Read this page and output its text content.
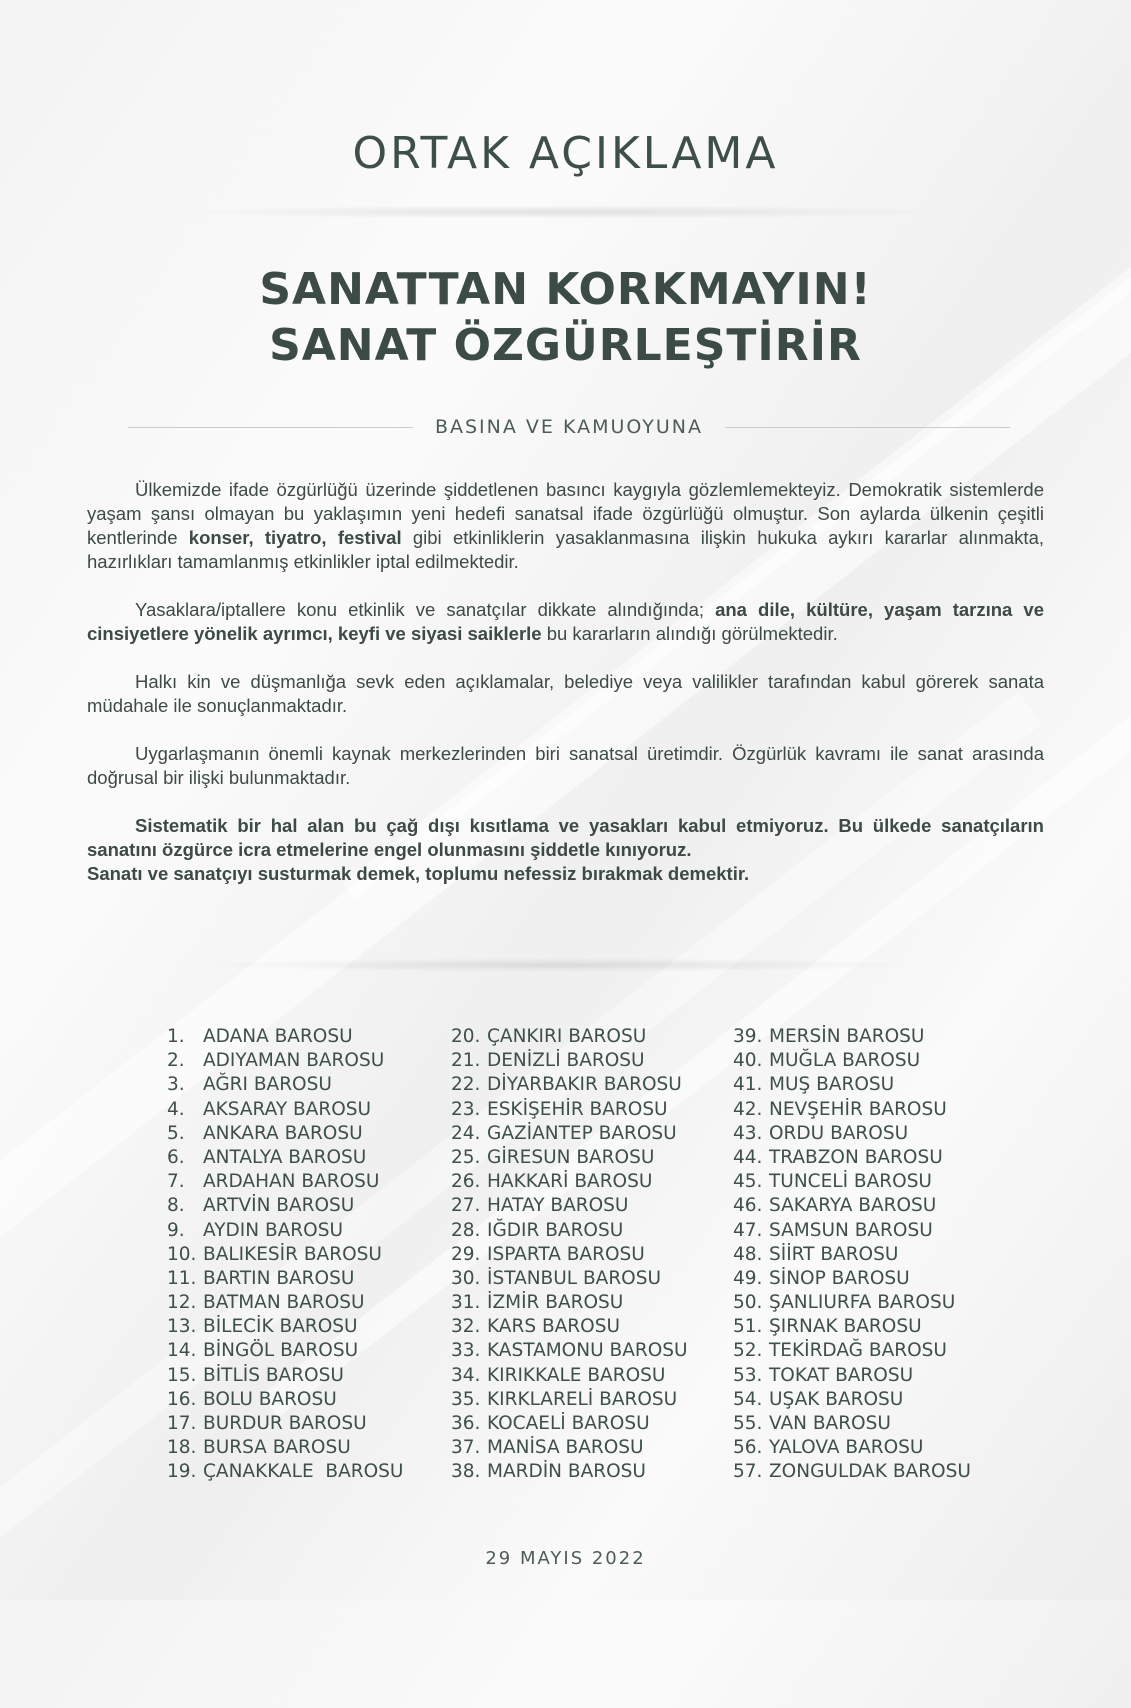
ORTAK AÇIKLAMA
SANATTAN KORKMAYIN!
SANAT ÖZGÜRLEŞTİRİR
BASINA VE KAMUOYUNA

Ülkemizde ifade özgürlüğü üzerinde şiddetlenen basıncı kaygıyla gözlemlemekteyiz. Demokratik sistemlerde yaşam şansı olmayan bu yaklaşımın yeni hedefi sanatsal ifade özgürlüğü olmuştur. Son aylarda ülkenin çeşitli kentlerinde konser, tiyatro, festival gibi etkinliklerin yasaklanmasına ilişkin hukuka aykırı kararlar alınmakta, hazırlıkları tamamlanmış etkinlikler iptal edilmektedir.

Yasaklara/iptallere konu etkinlik ve sanatçılar dikkate alındığında; ana dile, kültüre, yaşam tarzına ve cinsiyetlere yönelik ayrımcı, keyfi ve siyasi saiklerle bu kararların alındığı görülmektedir.

Halkı kin ve düşmanlığa sevk eden açıklamalar, belediye veya valilikler tarafından kabul görerek sanata müdahale ile sonuçlanmaktadır.

Uygarlaşmanın önemli kaynak merkezlerinden biri sanatsal üretimdir. Özgürlük kavramı ile sanat arasında doğrusal bir ilişki bulunmaktadır.

Sistematik bir hal alan bu çağ dışı kısıtlama ve yasakları kabul etmiyoruz. Bu ülkede sanatçıların sanatını özgürce icra etmelerine engel olunmasını şiddetle kınıyoruz.

Sanatı ve sanatçıyı susturmak demek, toplumu nefessiz bırakmak demektir.

1. ADANA BAROSU
2. ADIYAMAN BAROSU
3. AĞRI BAROSU
4. AKSARAY BAROSU
5. ANKARA BAROSU
6. ANTALYA BAROSU
7. ARDAHAN BAROSU
8. ARTVİN BAROSU
9. AYDIN BAROSU
10. BALIKESİR BAROSU
11. BARTIN BAROSU
12. BATMAN BAROSU
13. BİLECİK BAROSU
14. BİNGÖL BAROSU
15. BİTLİS BAROSU
16. BOLU BAROSU
17. BURDUR BAROSU
18. BURSA BAROSU
19. ÇANAKKALE  BAROSU
20. ÇANKIRI BAROSU
21. DENİZLİ BAROSU
22. DİYARBAKIR BAROSU
23. ESKİŞEHİR BAROSU
24. GAZİANTEP BAROSU
25. GİRESUN BAROSU
26. HAKKARİ BAROSU
27. HATAY BAROSU
28. IĞDIR BAROSU
29. ISPARTA BAROSU
30. İSTANBUL BAROSU
31. İZMİR BAROSU
32. KARS BAROSU
33. KASTAMONU BAROSU
34. KIRIKKALE BAROSU
35. KIRKLARELİ BAROSU
36. KOCAELİ BAROSU
37. MANİSA BAROSU
38. MARDİN BAROSU
39. MERSİN BAROSU
40. MUĞLA BAROSU
41. MUŞ BAROSU
42. NEVŞEHİR BAROSU
43. ORDU BAROSU
44. TRABZON BAROSU
45. TUNCELİ BAROSU
46. SAKARYA BAROSU
47. SAMSUN BAROSU
48. SİİRT BAROSU
49. SİNOP BAROSU
50. ŞANLIURFA BAROSU
51. ŞIRNAK BAROSU
52. TEKİRDAĞ BAROSU
53. TOKAT BAROSU
54. UŞAK BAROSU
55. VAN BAROSU
56. YALOVA BAROSU
57. ZONGULDAK BAROSU
29 MAYIS 2022
